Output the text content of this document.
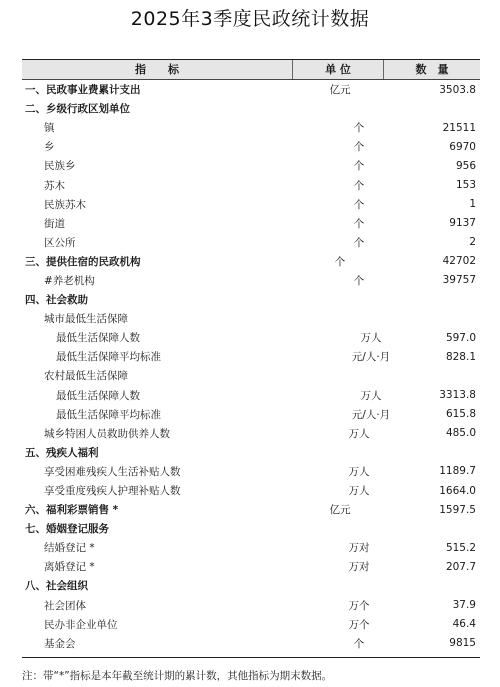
2025年3季度民政统计数据
指　　标	单 位	数　量
一、民政事业费累计支出	亿元	3503.8
二、乡级行政区划单位
镇	个	21511
乡	个	6970
民族乡	个	956
苏木	个	153
民族苏木	个	1
街道	个	9137
区公所	个	2
三、提供住宿的民政机构	个	42702
#养老机构	个	39757
四、社会救助
城市最低生活保障
最低生活保障人数	万人	597.0
最低生活保障平均标准	元/人·月	828.1
农村最低生活保障
最低生活保障人数	万人	3313.8
最低生活保障平均标准	元/人·月	615.8
城乡特困人员救助供养人数	万人	485.0
五、残疾人福利
享受困难残疾人生活补贴人数	万人	1189.7
享受重度残疾人护理补贴人数	万人	1664.0
六、福利彩票销售 *	亿元	1597.5
七、婚姻登记服务
结婚登记 *	万对	515.2
离婚登记 *	万对	207.7
八、社会组织
社会团体	万个	37.9
民办非企业单位	万个	46.4
基金会	个	9815
注：带“*”指标是本年截至统计期的累计数，其他指标为期末数据。
